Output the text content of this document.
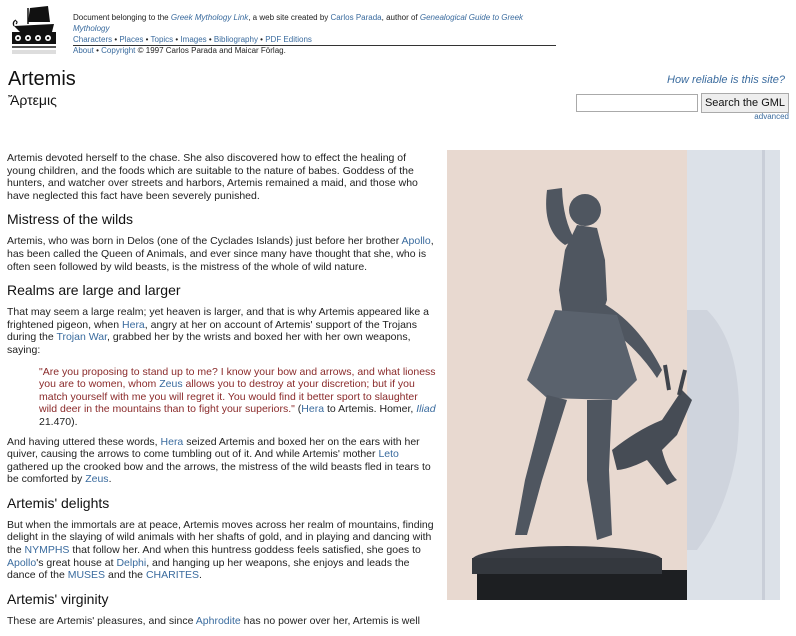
Document belonging to the Greek Mythology Link, a web site created by Carlos Parada, author of Genealogical Guide to Greek Mythology
Characters • Places • Topics • Images • Bibliography • PDF Editions
About • Copyright © 1997 Carlos Parada and Maicar Förlag.
Artemis
Ἄρτεμις
How reliable is this site?
Search the GML
advanced

Artemis devoted herself to the chase. She also discovered how to effect the healing of young children, and the foods which are suitable to the nature of babes. Goddess of the hunters, and watcher over streets and harbors, Artemis remained a maid, and those who have neglected this fact have been severely punished.

Mistress of the wilds

Artemis, who was born in Delos (one of the Cyclades Islands) just before her brother Apollo, has been called the Queen of Animals, and ever since many have thought that she, who is often seen followed by wild beasts, is the mistress of the whole of wild nature.

Realms are large and larger

That may seem a large realm; yet heaven is larger, and that is why Artemis appeared like a frightened pigeon, when Hera, angry at her on account of Artemis' support of the Trojans during the Trojan War, grabbed her by the wrists and boxed her with her own weapons, saying:

"Are you proposing to stand up to me? I know your bow and arrows, and what lioness you are to women, whom Zeus allows you to destroy at your discretion; but if you match yourself with me you will regret it. You would find it better sport to slaughter wild deer in the mountains than to fight your superiors." (Hera to Artemis. Homer, Iliad 21.470).

And having uttered these words, Hera seized Artemis and boxed her on the ears with her quiver, causing the arrows to come tumbling out of it. And while Artemis' mother Leto gathered up the crooked bow and the arrows, the mistress of the wild beasts fled in tears to be comforted by Zeus.

Artemis' delights

But when the immortals are at peace, Artemis moves across her realm of mountains, finding delight in the slaying of wild animals with her shafts of gold, and in playing and dancing with the NYMPHS that follow her. And when this huntress goddess feels satisfied, she goes to Apollo's great house at Delphi, and hanging up her weapons, she enjoys and leads the dance of the MUSES and the CHARITES.

Artemis' virginity

These are Artemis' pleasures, and since Aphrodite has no power over her, Artemis is well
